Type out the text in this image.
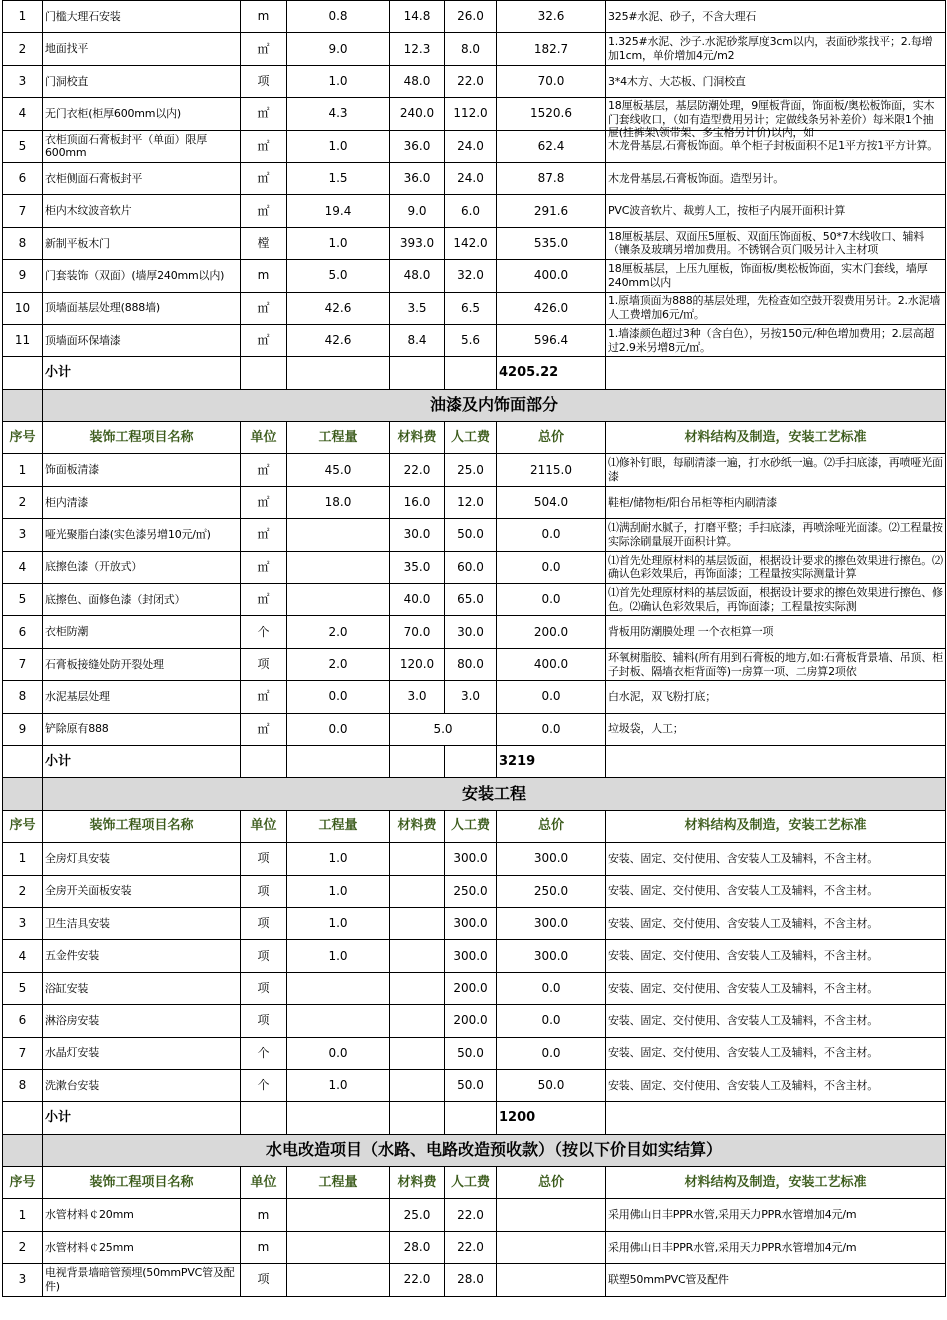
1	门槛大理石安装	m	0.8	14.8	26.0	32.6	325#水泥、砂子，不含大理石

2	地面找平	㎡	9.0	12.3	8.0	182.7	1.325#水泥、沙子.水泥砂浆厚度3cm以内，表面砂浆找平；2.每增加1cm，单价增加4元/m2

3	门洞校直	项	1.0	48.0	22.0	70.0	3*4木方、大芯板、门洞校直

4	无门衣柜(柜厚600mm以内)	㎡	4.3	240.0	112.0	1520.6	18厘板基层，基层防潮处理，9厘板背面，饰面板/奥松板饰面，实木门套线收口，（如有造型费用另计；定做线条另补差价）每米限1个抽屉(挂裤架\领带架、多宝格另计价)以内，如

5	衣柜顶面石膏板封平（单面）限厚600mm	㎡	1.0	36.0	24.0	62.4	木龙骨基层,石膏板饰面。单个柜子封板面积不足1平方按1平方计算。

6	衣柜侧面石膏板封平	㎡	1.5	36.0	24.0	87.8	木龙骨基层,石膏板饰面。造型另计。

7	柜内木纹波音软片	㎡	19.4	9.0	6.0	291.6	PVC波音软片、裁剪人工，按柜子内展开面积计算

8	新制平板木门	樘	1.0	393.0	142.0	535.0	18厘板基层、双面压5厘板、双面压饰面板、50*7木线收口、辅料（镶条及玻璃另增加费用。不锈钢合页门吸另计入主材项

9	门套装饰（双面）(墙厚240mm以内)	m	5.0	48.0	32.0	400.0	18厘板基层，上压九厘板，饰面板/奥松板饰面，实木门套线，墙厚240mm以内

10	顶墙面基层处理(888墙)	㎡	42.6	3.5	6.5	426.0	1.原墙顶面为888的基层处理，先检查如空鼓开裂费用另计。2.水泥墙人工费增加6元/㎡。

11	顶墙面环保墙漆	㎡	42.6	8.4	5.6	596.4	1.墙漆颜色超过3种（含白色），另按150元/种色增加费用；2.层高超过2.9米另增8元/㎡。

	小计					4205.22	
	油漆及内饰面部分						
序号	装饰工程项目名称	单位	工程量	材料费	人工费	总价	材料结构及制造，安装工艺标准
1	饰面板清漆	㎡	45.0	22.0	25.0	2115.0	⑴修补钉眼，每刷清漆一遍，打水砂纸一遍。⑵手扫底漆，再喷哑光面漆

2	柜内清漆	㎡	18.0	16.0	12.0	504.0	鞋柜/储物柜/阳台吊柜等柜内刷清漆

3	哑光聚脂白漆(实色漆另增10元/㎡)	㎡		30.0	50.0	0.0	⑴满刮耐水腻子，打磨平整；手扫底漆，再喷涂哑光面漆。⑵工程量按实际涂刷量展开面积计算。

4	底擦色漆（开放式）	㎡		35.0	60.0	0.0	⑴首先处理原材料的基层饭面，根据设计要求的擦色效果进行擦色。⑵确认色彩效果后，再饰面漆；工程量按实际测量计算

5	底擦色、面修色漆（封闭式）	㎡		40.0	65.0	0.0	⑴首先处理原材料的基层饭面，根据设计要求的擦色效果进行擦色、修色。⑵确认色彩效果后，再饰面漆；工程量按实际测

6	衣柜防潮	个	2.0	70.0	30.0	200.0	背板用防潮膜处理 一个衣柜算一项

7	石膏板接缝处防开裂处理	项	2.0	120.0	80.0	400.0	环氧树脂胶、辅料(所有用到石膏板的地方,如:石膏板背景墙、吊顶、柜子封板、隔墙衣柜背面等)一房算一项、二房算2项依

8	水泥基层处理	㎡	0.0	3.0	3.0	0.0	白水泥，双飞粉打底；

9	铲除原有888	㎡	0.0	5.0		0.0	垃圾袋，人工；

	小计					3219	
	安装工程						
序号	装饰工程项目名称	单位	工程量	材料费	人工费	总价	材料结构及制造，安装工艺标准
1	全房灯具安装	项	1.0		300.0	300.0	安装、固定、交付使用、含安装人工及辅料，不含主材。

2	全房开关面板安装	项	1.0		250.0	250.0	安装、固定、交付使用、含安装人工及辅料，不含主材。

3	卫生洁具安装	项	1.0		300.0	300.0	安装、固定、交付使用、含安装人工及辅料，不含主材。

4	五金件安装	项	1.0		300.0	300.0	安装、固定、交付使用、含安装人工及辅料，不含主材。

5	浴缸安装	项			200.0	0.0	安装、固定、交付使用、含安装人工及辅料，不含主材。

6	淋浴房安装	项			200.0	0.0	安装、固定、交付使用、含安装人工及辅料，不含主材。

7	水晶灯安装	个	0.0		50.0	0.0	安装、固定、交付使用、含安装人工及辅料，不含主材。

8	洗漱台安装	个	1.0		50.0	50.0	安装、固定、交付使用、含安装人工及辅料，不含主材。

	小计					1200	
	水电改造项目（水路、电路改造预收款）（按以下价目如实结算）						
序号	装饰工程项目名称	单位	工程量	材料费	人工费	总价	材料结构及制造，安装工艺标准
1	水管材料￠20mm	m		25.0	22.0		采用佛山日丰PPR水管,采用天力PPR水管增加4元/m

2	水管材料￠25mm	m		28.0	22.0		采用佛山日丰PPR水管,采用天力PPR水管增加4元/m

3	电视背景墙暗管预埋(50mmPVC管及配件)	项		22.0	28.0		联塑50mmPVC管及配件
